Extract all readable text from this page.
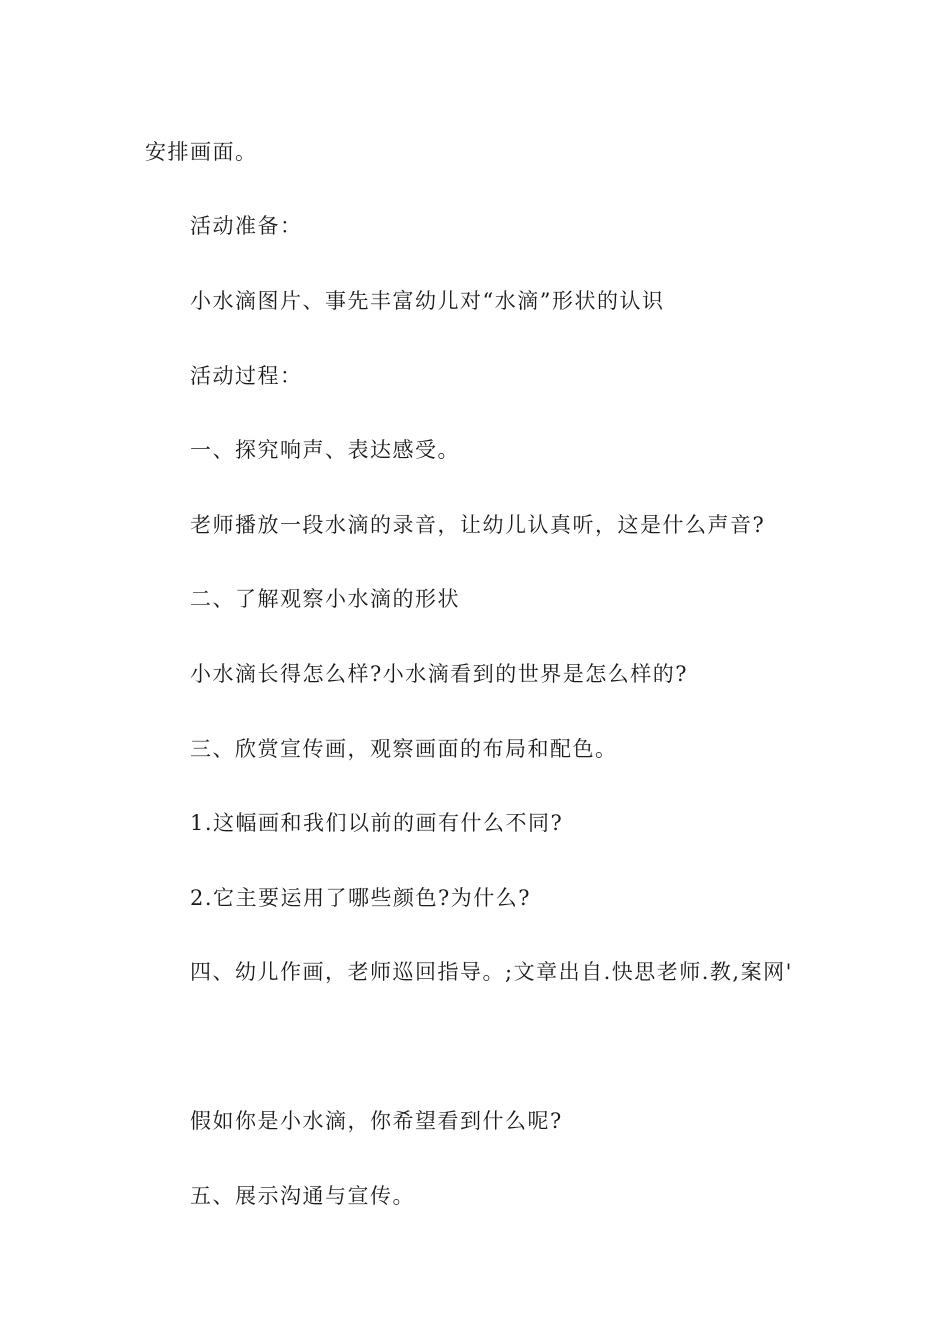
安排画面。
活动准备：
小水滴图片、事先丰富幼儿对“水滴”形状的认识
活动过程：
一、探究响声、表达感受。
老师播放一段水滴的录音，让幼儿认真听，这是什么声音?
二、了解观察小水滴的形状
小水滴长得怎么样?小水滴看到的世界是怎么样的?
三、欣赏宣传画，观察画面的布局和配色。
1.这幅画和我们以前的画有什么不同?
2.它主要运用了哪些颜色?为什么?
四、幼儿作画，老师巡回指导。;文章出自.快思老师.教,案网'
假如你是小水滴，你希望看到什么呢?
五、展示沟通与宣传。
